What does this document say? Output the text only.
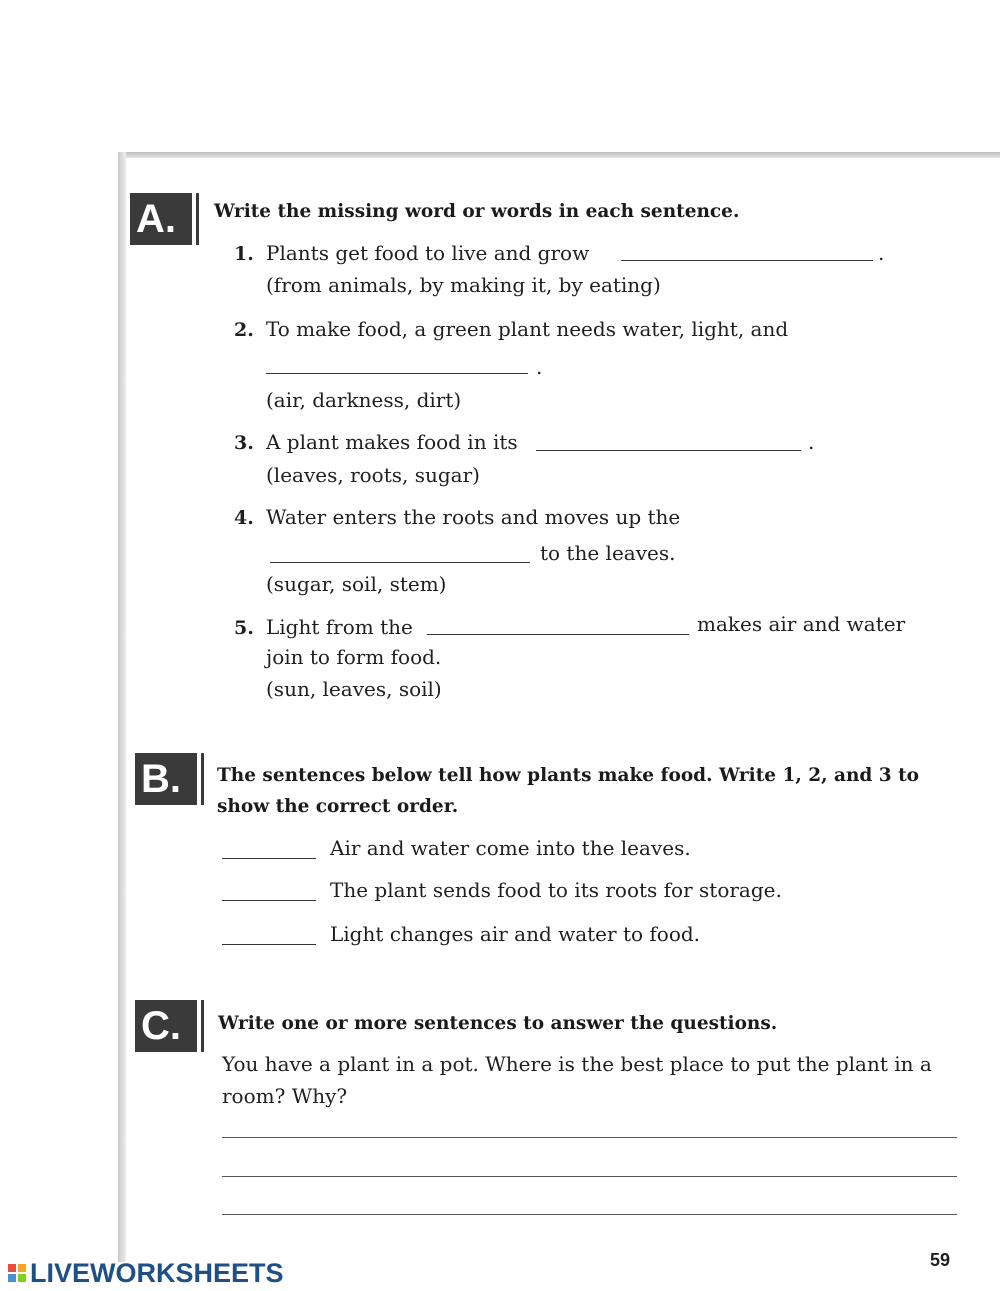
A.	Write the missing word or words in each sentence.
1. Plants get food to live and grow	.
(from animals, by making it, by eating)
2. To make food, a green plant needs water, light, and
.
(air, darkness, dirt)
3. A plant makes food in its	.
(leaves, roots, sugar)
4. Water enters the roots and moves up the
to the leaves.
(sugar, soil, stem)
5. Light from the	makes air and water
join to form food.
(sun, leaves, soil)
B.	The sentences below tell how plants make food. Write 1, 2, and 3 to
show the correct order.
Air and water come into the leaves.
The plant sends food to its roots for storage.
Light changes air and water to food.
C.	Write one or more sentences to answer the questions.
You have a plant in a pot. Where is the best place to put the plant in a
room? Why?
59
LIVEWORKSHEETS
